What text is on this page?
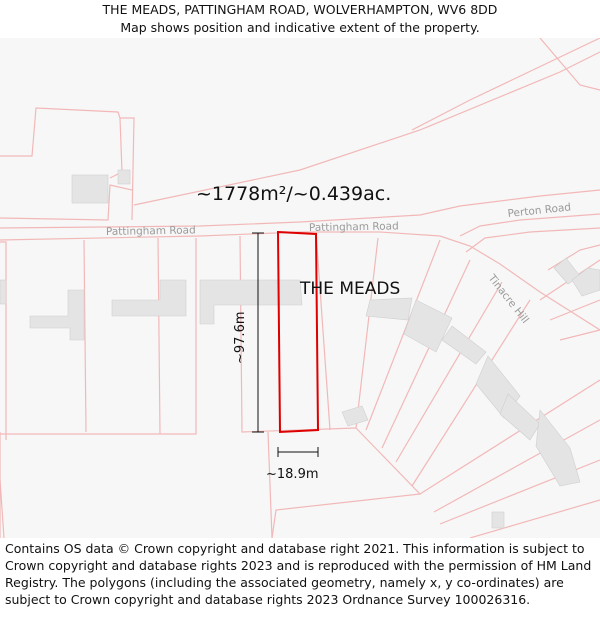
THE MEADS, PATTINGHAM ROAD, WOLVERHAMPTON, WV6 8DD
Map shows position and indicative extent of the property.
Pattingham Road	Pattingham Road
Perton Road
Tinacre Hill
~1778m²/~0.439ac.
THE MEADS
~97.6m
~18.9m
Contains OS data © Crown copyright and database right 2021. This information is subject to Crown copyright and database rights 2023 and is reproduced with the permission of HM Land Registry. The polygons (including the associated geometry, namely x, y co-ordinates) are subject to Crown copyright and database rights 2023 Ordnance Survey 100026316.
